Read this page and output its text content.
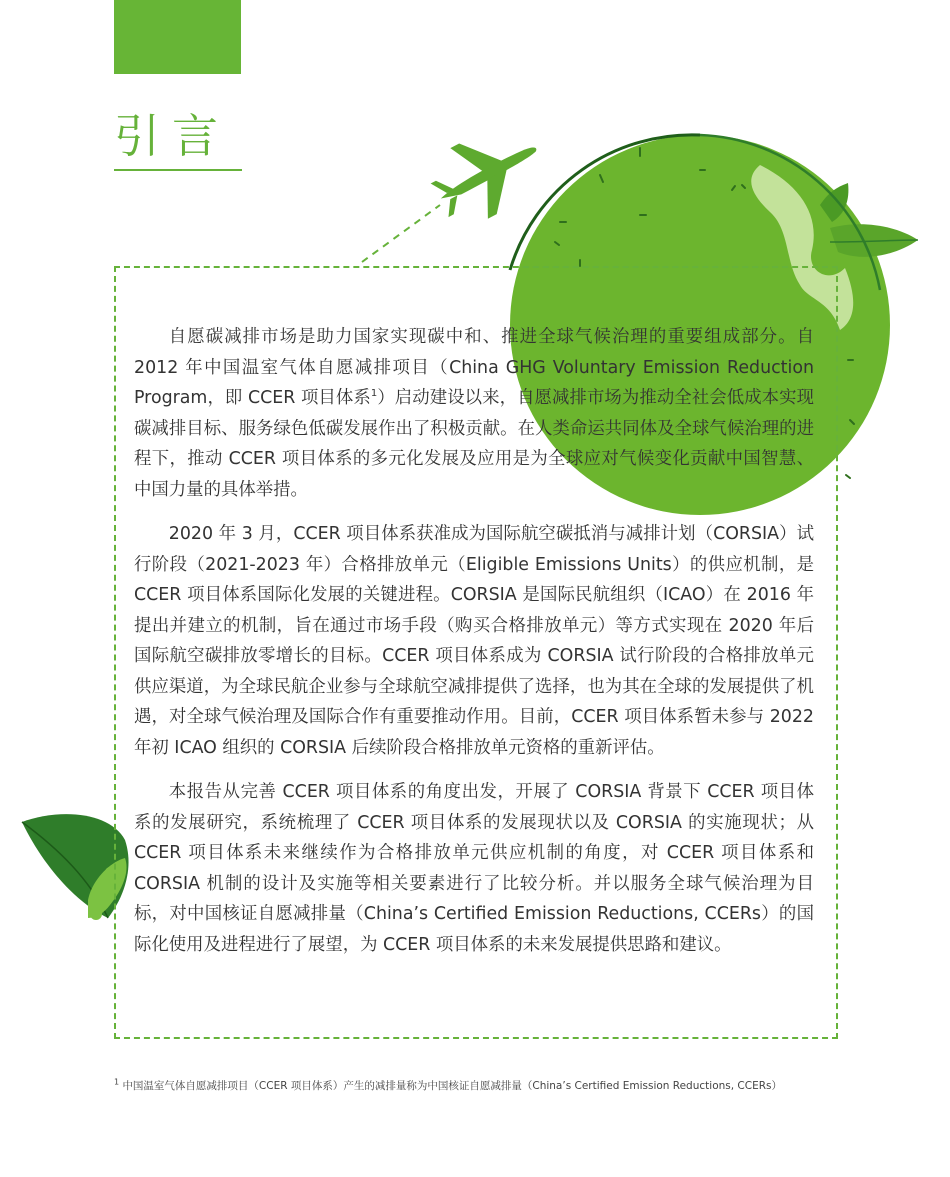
引言

自愿碳减排市场是助力国家实现碳中和、推进全球气候治理的重要组成部分。自 2012 年中国温室气体自愿减排项目（China GHG Voluntary Emission Reduction Program，即 CCER 项目体系$^1$）启动建设以来，自愿减排市场为推动全社会低成本实现碳减排目标、服务绿色低碳发展作出了积极贡献。在人类命运共同体及全球气候治理的进程下，推动 CCER 项目体系的多元化发展及应用是为全球应对气候变化贡献中国智慧、中国力量的具体举措。

2020 年 3 月，CCER 项目体系获准成为国际航空碳抵消与减排计划（CORSIA）试行阶段（2021-2023 年）合格排放单元（Eligible Emissions Units）的供应机制，是 CCER 项目体系国际化发展的关键进程。CORSIA 是国际民航组织（ICAO）在 2016 年提出并建立的机制，旨在通过市场手段（购买合格排放单元）等方式实现在 2020 年后国际航空碳排放零增长的目标。CCER 项目体系成为 CORSIA 试行阶段的合格排放单元供应渠道，为全球民航企业参与全球航空减排提供了选择，也为其在全球的发展提供了机遇，对全球气候治理及国际合作有重要推动作用。目前，CCER 项目体系暂未参与 2022 年初 ICAO 组织的 CORSIA 后续阶段合格排放单元资格的重新评估。

本报告从完善 CCER 项目体系的角度出发，开展了 CORSIA 背景下 CCER 项目体系的发展研究，系统梳理了 CCER 项目体系的发展现状以及 CORSIA 的实施现状；从 CCER 项目体系未来继续作为合格排放单元供应机制的角度，对 CCER 项目体系和 CORSIA 机制的设计及实施等相关要素进行了比较分析。并以服务全球气候治理为目标，对中国核证自愿减排量（China’s Certified Emission Reductions, CCERs）的国际化使用及进程进行了展望，为 CCER 项目体系的未来发展提供思路和建议。

$^1$ 中国温室气体自愿减排项目（CCER 项目体系）产生的减排量称为中国核证自愿减排量（China’s Certified Emission Reductions, CCERs）
